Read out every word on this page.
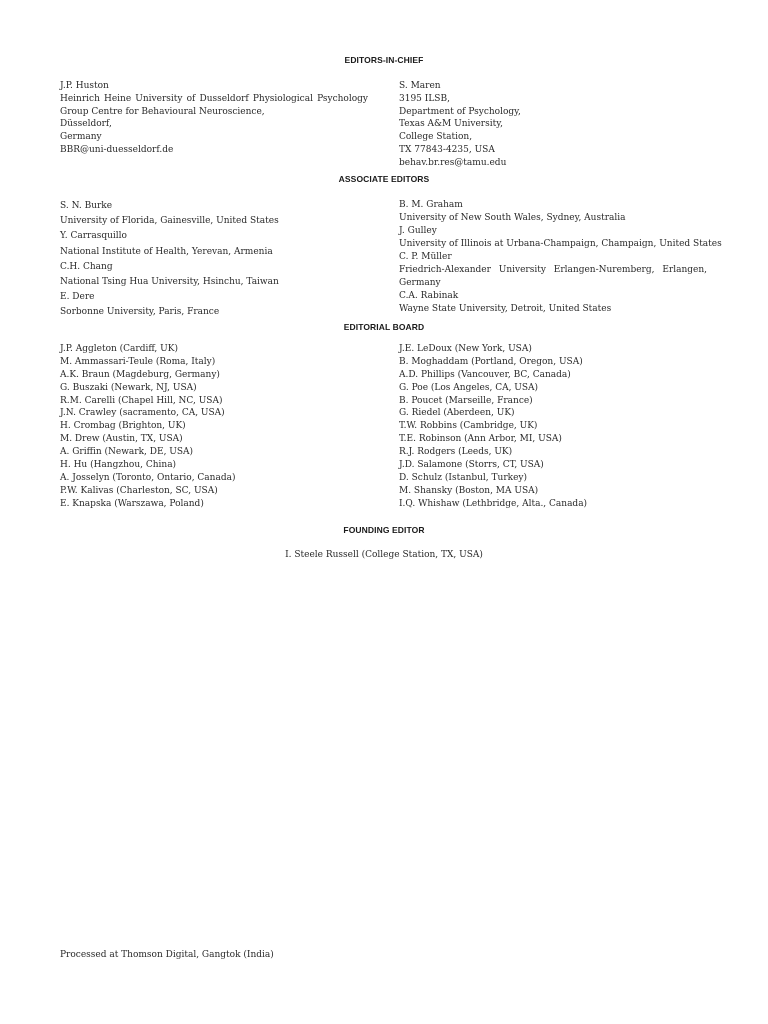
EDITORS-IN-CHIEF
J.P. Huston
Heinrich Heine University of Dusseldorf Physiological Psychology
Group Centre for Behavioural Neuroscience,
Düsseldorf,
Germany
BBR@uni-duesseldorf.de
S. Maren
3195 ILSB,
Department of Psychology,
Texas A&M University,
College Station,
TX 77843-4235, USA
behav.br.res@tamu.edu
ASSOCIATE EDITORS
S. N. Burke
University of Florida, Gainesville, United States
Y. Carrasquillo
National Institute of Health, Yerevan, Armenia
C.H. Chang
National Tsing Hua University, Hsinchu, Taiwan
E. Dere
Sorbonne University, Paris, France
B. M. Graham
University of New South Wales, Sydney, Australia
J. Gulley
University of Illinois at Urbana-Champaign, Champaign, United States
C. P. Müller
Friedrich-Alexander University Erlangen-Nuremberg, Erlangen,
Germany
C.A. Rabinak
Wayne State University, Detroit, United States
EDITORIAL BOARD
J.P. Aggleton (Cardiff, UK)
M. Ammassari-Teule (Roma, Italy)
A.K. Braun (Magdeburg, Germany)
G. Buszaki (Newark, NJ, USA)
R.M. Carelli (Chapel Hill, NC, USA)
J.N. Crawley (sacramento, CA, USA)
H. Crombag (Brighton, UK)
M. Drew (Austin, TX, USA)
A. Griffin (Newark, DE, USA)
H. Hu (Hangzhou, China)
A. Josselyn (Toronto, Ontario, Canada)
P.W. Kalivas (Charleston, SC, USA)
E. Knapska (Warszawa, Poland)
J.E. LeDoux (New York, USA)
B. Moghaddam (Portland, Oregon, USA)
A.D. Phillips (Vancouver, BC, Canada)
G. Poe (Los Angeles, CA, USA)
B. Poucet (Marseille, France)
G. Riedel (Aberdeen, UK)
T.W. Robbins (Cambridge, UK)
T.E. Robinson (Ann Arbor, MI, USA)
R.J. Rodgers (Leeds, UK)
J.D. Salamone (Storrs, CT, USA)
D. Schulz (Istanbul, Turkey)
M. Shansky (Boston, MA USA)
I.Q. Whishaw (Lethbridge, Alta., Canada)
FOUNDING EDITOR
I. Steele Russell (College Station, TX, USA)
Processed at Thomson Digital, Gangtok (India)
